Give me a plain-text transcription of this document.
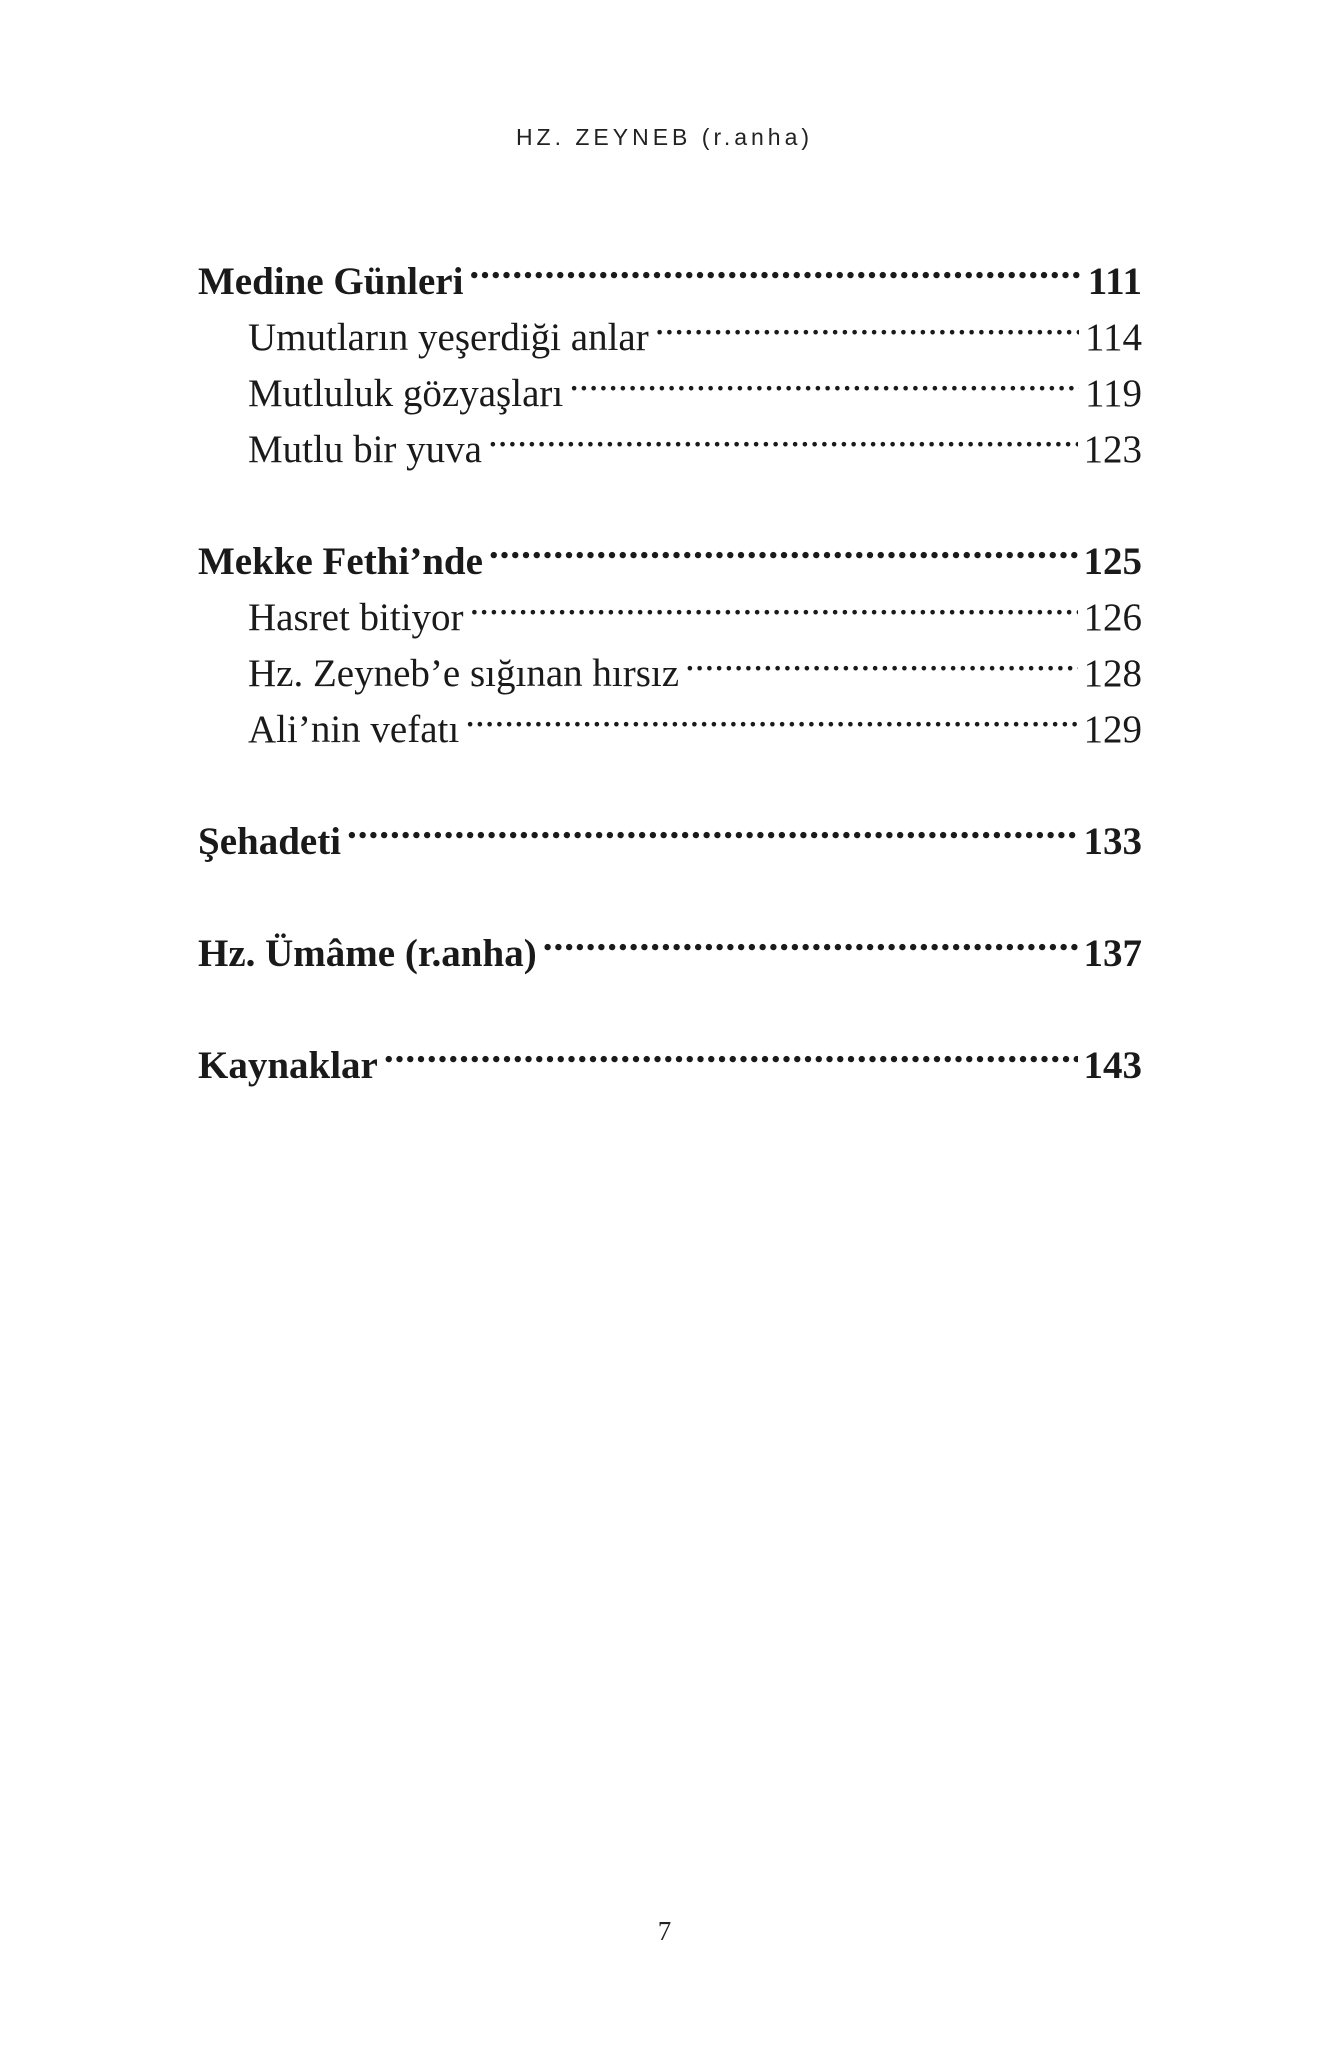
HZ. ZEYNEB (r.anha)
Medine Günleri .....	111
Umutların yeşerdiği anlar .....	114
Mutluluk gözyaşları .....	119
Mutlu bir yuva .....	123
Mekke Fethi’nde .....	125
Hasret bitiyor .....	126
Hz. Zeyneb’e sığınan hırsız .....	128
Ali’nin vefatı .....	129
Şehadeti .....	133
Hz. Ümâme (r.anha) .....	137
Kaynaklar .....	143
7
